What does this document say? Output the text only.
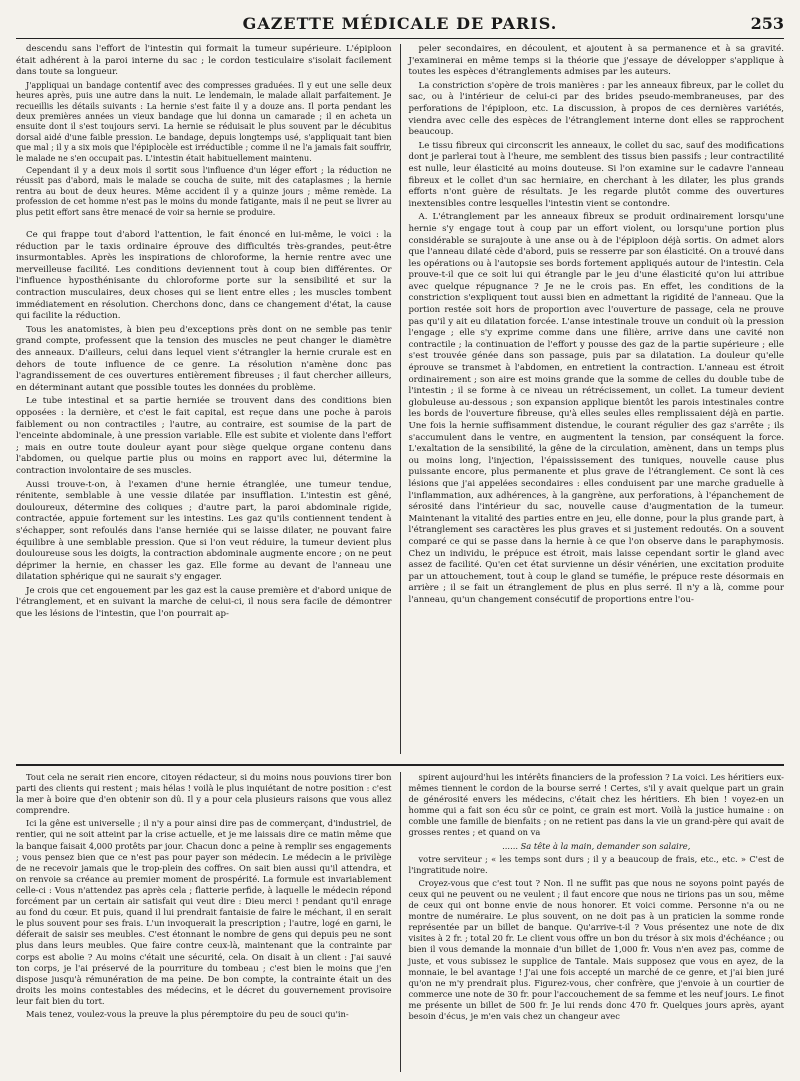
GAZETTE MÉDICALE DE PARIS.	253

descendu sans l'effort de l'intestin qui formait la tumeur supérieure. L'épiploon était adhérent à la paroi interne du sac ; le cordon testiculaire s'isolait facilement dans toute sa longueur.

J'appliquai un bandage contentif avec des compresses graduées. Il y eut une selle deux heures après, puis une autre dans la nuit. Le lendemain, le malade allait parfaitement. Je recueillis les détails suivants : La hernie s'est faite il y a douze ans. Il porta pendant les deux premières années un vieux bandage que lui donna un camarade ; il en acheta un ensuite dont il s'est toujours servi. La hernie se réduisait le plus souvent par le décubitus dorsal aidé d'une faible pression. Le bandage, depuis longtemps usé, s'appliquait tant bien que mal ; il y a six mois que l'épiplocèle est irréductible ; comme il ne l'a jamais fait souffrir, le malade ne s'en occupait pas. L'intestin était habituellement maintenu.

Cependant il y a deux mois il sortit sous l'influence d'un léger effort ; la réduction ne réussit pas d'abord, mais le malade se coucha de suite, mit des cataplasmes ; la hernie rentra au bout de deux heures. Même accident il y a quinze jours ; même remède. La profession de cet homme n'est pas le moins du monde fatigante, mais il ne peut se livrer au plus petit effort sans être menacé de voir sa hernie se produire.

Ce qui frappe tout d'abord l'attention, le fait énoncé en lui-même, le voici : la réduction par le taxis ordinaire éprouve des difficultés très-grandes, peut-être insurmontables. Après les inspirations de chloroforme, la hernie rentre avec une merveilleuse facilité. Les conditions deviennent tout à coup bien différentes. Or l'influence hyposthénisante du chloroforme porte sur la sensibilité et sur la contraction musculaires, deux choses qui se lient entre elles ; les muscles tombent immédiatement en résolution. Cherchons donc, dans ce changement d'état, la cause qui facilite la réduction.

Tous les anatomistes, à bien peu d'exceptions près dont on ne semble pas tenir grand compte, professent que la tension des muscles ne peut changer le diamètre des anneaux. D'ailleurs, celui dans lequel vient s'étrangler la hernie crurale est en dehors de toute influence de ce genre. La résolution n'amène donc pas l'agrandissement de ces ouvertures entièrement fibreuses ; il faut chercher ailleurs, en déterminant autant que possible toutes les données du problème.

Le tube intestinal et sa partie herniée se trouvent dans des conditions bien opposées : la dernière, et c'est le fait capital, est reçue dans une poche à parois faiblement ou non contractiles ; l'autre, au contraire, est soumise de la part de l'enceinte abdominale, à une pression variable. Elle est subite et violente dans l'effort ; mais en outre toute douleur ayant pour siège quelque organe contenu dans l'abdomen, ou quelque partie plus ou moins en rapport avec lui, détermine la contraction involontaire de ses muscles.

Aussi trouve-t-on, à l'examen d'une hernie étranglée, une tumeur tendue, rénitente, semblable à une vessie dilatée par insufflation. L'intestin est gêné, douloureux, détermine des coliques ; d'autre part, la paroi abdominale rigide, contractée, appuie fortement sur les intestins. Les gaz qu'ils contiennent tendent à s'échapper, sont refoulés dans l'anse herniée qui se laisse dilater, ne pouvant faire équilibre à une semblable pression. Que si l'on veut réduire, la tumeur devient plus douloureuse sous les doigts, la contraction abdominale augmente encore ; on ne peut déprimer la hernie, en chasser les gaz. Elle forme au devant de l'anneau une dilatation sphérique qui ne saurait s'y engager.

Je crois que cet engouement par les gaz est la cause première et d'abord unique de l'étranglement, et en suivant la marche de celui-ci, il nous sera facile de démontrer que les lésions de l'intestin, que l'on pourrait ap-

peler secondaires, en découlent, et ajoutent à sa permanence et à sa gravité. J'examinerai en même temps si la théorie que j'essaye de développer s'applique à toutes les espèces d'étranglements admises par les auteurs.

La constriction s'opère de trois manières : par les anneaux fibreux, par le collet du sac, ou à l'intérieur de celui-ci par des brides pseudo-membraneuses, par des perforations de l'épiploon, etc. La discussion, à propos de ces dernières variétés, viendra avec celle des espèces de l'étranglement interne dont elles se rapprochent beaucoup.

Le tissu fibreux qui circonscrit les anneaux, le collet du sac, sauf des modifications dont je parlerai tout à l'heure, me semblent des tissus bien passifs ; leur contractilité est nulle, leur élasticité au moins douteuse. Si l'on examine sur le cadavre l'anneau fibreux et le collet d'un sac herniaire, en cherchant à les dilater, les plus grands efforts n'ont guère de résultats. Je les regarde plutôt comme des ouvertures inextensibles contre lesquelles l'intestin vient se contondre.

A. L'étranglement par les anneaux fibreux se produit ordinairement lorsqu'une hernie s'y engage tout à coup par un effort violent, ou lorsqu'une portion plus considérable se surajoute à une anse ou à de l'épiploon déjà sortis. On admet alors que l'anneau dilaté cède d'abord, puis se resserre par son élasticité. On a trouvé dans les opérations ou à l'autopsie ses bords fortement appliqués autour de l'intestin. Cela prouve-t-il que ce soit lui qui étrangle par le jeu d'une élasticité qu'on lui attribue avec quelque répugnance ? Je ne le crois pas. En effet, les conditions de la constriction s'expliquent tout aussi bien en admettant la rigidité de l'anneau. Que la portion restée soit hors de proportion avec l'ouverture de passage, cela ne prouve pas qu'il y ait eu dilatation forcée. L'anse intestinale trouve un conduit où la pression l'engage ; elle s'y exprime comme dans une filière, arrive dans une cavité non contractile ; la continuation de l'effort y pousse des gaz de la partie supérieure ; elle s'est trouvée génée dans son passage, puis par sa dilatation. La douleur qu'elle éprouve se transmet à l'abdomen, en entretient la contraction. L'anneau est étroit ordinairement ; son aire est moins grande que la somme de celles du double tube de l'intestin ; il se forme à ce niveau un rétrécissement, un collet. La tumeur devient globuleuse au-dessous ; son expansion applique bientôt les parois intestinales contre les bords de l'ouverture fibreuse, qu'à elles seules elles remplissaient déjà en partie. Une fois la hernie suffisamment distendue, le courant régulier des gaz s'arrête ; ils s'accumulent dans le ventre, en augmentent la tension, par conséquent la force. L'exaltation de la sensibilité, la gêne de la circulation, amènent, dans un temps plus ou moins long, l'injection, l'épaississement des tuniques, nouvelle cause plus puissante encore, plus permanente et plus grave de l'étranglement. Ce sont là ces lésions que j'ai appelées secondaires : elles conduisent par une marche graduelle à l'inflammation, aux adhérences, à la gangrène, aux perforations, à l'épanchement de sérosité dans l'intérieur du sac, nouvelle cause d'augmentation de la tumeur. Maintenant la vitalité des parties entre en jeu, elle donne, pour la plus grande part, à l'étranglement ses caractères les plus graves et si justement redoutés. On a souvent comparé ce qui se passe dans la hernie à ce que l'on observe dans le paraphymosis. Chez un individu, le prépuce est étroit, mais laisse cependant sortir le gland avec assez de facilité. Qu'en cet état survienne un désir vénérien, une excitation produite par un attouchement, tout à coup le gland se tuméfie, le prépuce reste désormais en arrière ; il se fait un étranglement de plus en plus serré. Il n'y a là, comme pour l'anneau, qu'un changement consécutif de proportions entre l'ou-

Tout cela ne serait rien encore, citoyen rédacteur, si du moins nous pouvions tirer bon parti des clients qui restent ; mais hélas ! voilà le plus inquiétant de notre position : c'est la mer à boire que d'en obtenir son dû. Il y a pour cela plusieurs raisons que vous allez comprendre.

Ici la gêne est universelle ; il n'y a pour ainsi dire pas de commerçant, d'industriel, de rentier, qui ne soit atteint par la crise actuelle, et je me laissais dire ce matin même que la banque faisait 4,000 protêts par jour. Chacun donc a peine à remplir ses engagements ; vous pensez bien que ce n'est pas pour payer son médecin. Le médecin a le privilège de ne recevoir jamais que le trop-plein des coffres. On sait bien aussi qu'il attendra, et on renvoie sa créance au premier moment de prospérité. La formule est invariablement celle-ci : Vous n'attendez pas après cela ; flatterie perfide, à laquelle le médecin répond forcément par un certain air satisfait qui veut dire : Dieu merci ! pendant qu'il enrage au fond du cœur. Et puis, quand il lui prendrait fantaisie de faire le méchant, il en serait le plus souvent pour ses frais. L'un invoquerait la prescription ; l'autre, logé en garni, le déferait de saisir ses meubles. C'est étonnant le nombre de gens qui depuis peu ne sont plus dans leurs meubles. Que faire contre ceux-là, maintenant que la contrainte par corps est abolie ? Au moins c'était une sécurité, cela. On disait à un client : J'ai sauvé ton corps, je l'ai préservé de la pourriture du tombeau ; c'est bien le moins que j'en dispose jusqu'à rémunération de ma peine. De bon compte, la contrainte était un des droits les moins contestables des médecins, et le décret du gouvernement provisoire leur fait bien du tort.

Mais tenez, voulez-vous la preuve la plus péremptoire du peu de souci qu'in-

spirent aujourd'hui les intérêts financiers de la profession ? La voici. Les héritiers eux-mêmes tiennent le cordon de la bourse serré ! Certes, s'il y avait quelque part un grain de générosité envers les médecins, c'était chez les héritiers. Eh bien ! voyez-en un homme qui a fait son écu sûr ce point, ce grain est mort. Voilà la justice humaine : on comble une famille de bienfaits ; on ne retient pas dans la vie un grand-père qui avait de grosses rentes ; et quand on va

...... Sa tête à la main, demander son salaire,

votre serviteur ; « les temps sont durs ; il y a beaucoup de frais, etc., etc. » C'est de l'ingratitude noire.

Croyez-vous que c'est tout ? Non. Il ne suffit pas que nous ne soyons point payés de ceux qui ne peuvent ou ne veulent ; il faut encore que nous ne tirions pas un sou, même de ceux qui ont bonne envie de nous honorer. Et voici comme. Personne n'a ou ne montre de numéraire. Le plus souvent, on ne doit pas à un praticien la somme ronde représentée par un billet de banque. Qu'arrive-t-il ? Vous présentez une note de dix visites à 2 fr. ; total 20 fr. Le client vous offre un bon du trésor à six mois d'échéance ; ou bien il vous demande la monnaie d'un billet de 1,000 fr. Vous n'en avez pas, comme de juste, et vous subissez le supplice de Tantale. Mais supposez que vous en ayez, de la monnaie, le bel avantage ! J'ai une fois accepté un marché de ce genre, et j'ai bien juré qu'on ne m'y prendrait plus. Figurez-vous, cher confrère, que j'envoie à un courtier de commerce une note de 30 fr. pour l'accouchement de sa femme et les neuf jours. Le finot me présente un billet de 500 fr. Je lui rends donc 470 fr. Quelques jours après, ayant besoin d'écus, je m'en vais chez un changeur avec
